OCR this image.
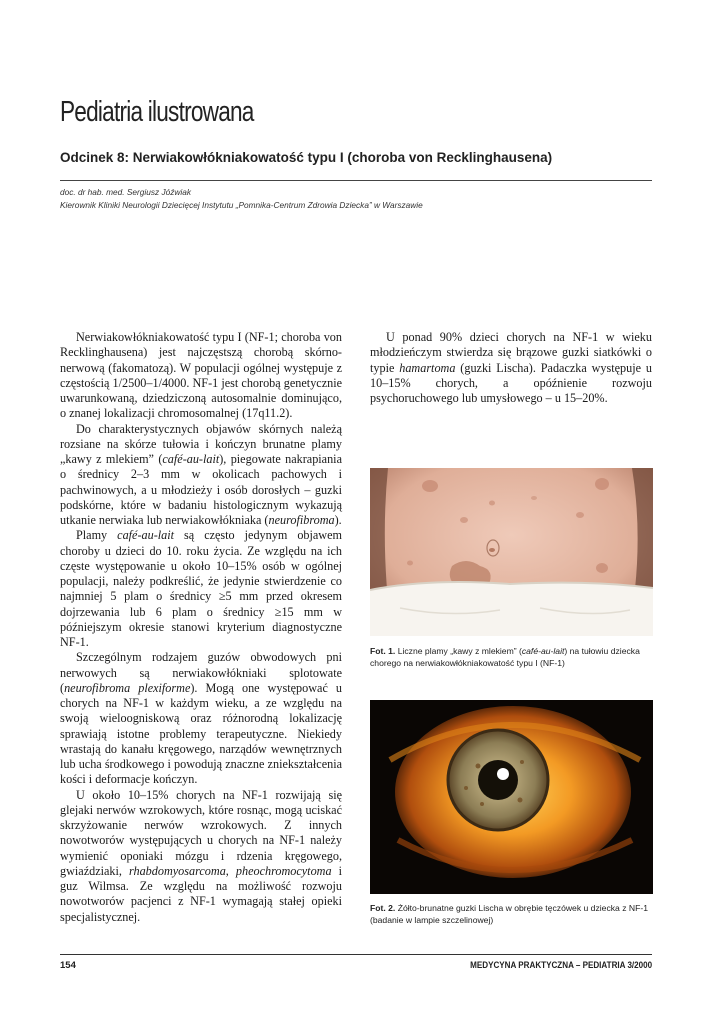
Pediatria ilustrowana
Odcinek 8: Nerwiakowłókniakowatość typu I (choroba von Recklinghausena)
doc. dr hab. med. Sergiusz Jóźwiak
Kierownik Kliniki Neurologii Dziecięcej Instytutu „Pomnika-Centrum Zdrowia Dziecka” w Warszawie

Nerwiakowłókniakowatość typu I (NF-1; choroba von Recklinghausena) jest najczęstszą chorobą skórno-nerwową (fakomatozą). W populacji ogólnej występuje z częstością 1/2500–1/4000. NF-1 jest chorobą genetycznie uwarunkowaną, dziedziczoną autosomalnie dominująco, o znanej lokalizacji chromosomalnej (17q11.2).

Do charakterystycznych objawów skórnych należą rozsiane na skórze tułowia i kończyn brunatne plamy „kawy z mlekiem” (café-au-lait), piegowate nakrapiania o średnicy 2–3 mm w okolicach pachowych i pachwinowych, a u młodzieży i osób dorosłych – guzki podskórne, które w badaniu histologicznym wykazują utkanie nerwiaka lub nerwiakowłókniaka (neurofibroma).

Plamy café-au-lait są często jedynym objawem choroby u dzieci do 10. roku życia. Ze względu na ich częste występowanie u około 10–15% osób w ogólnej populacji, należy podkreślić, że jedynie stwierdzenie co najmniej 5 plam o średnicy ≥5 mm przed okresem dojrzewania lub 6 plam o średnicy ≥15 mm w późniejszym okresie stanowi kryterium diagnostyczne NF-1.

Szczególnym rodzajem guzów obwodowych pni nerwowych są nerwiakowłókniaki splotowate (neurofibroma plexiforme). Mogą one występować u chorych na NF-1 w każdym wieku, a ze względu na swoją wieloogniskową oraz różnorodną lokalizację sprawiają istotne problemy terapeutyczne. Niekiedy wrastają do kanału kręgowego, narządów wewnętrznych lub ucha środkowego i powodują znaczne zniekształcenia kości i deformacje kończyn.

U około 10–15% chorych na NF-1 rozwijają się glejaki nerwów wzrokowych, które rosnąc, mogą uciskać skrzyżowanie nerwów wzrokowych. Z innych nowotworów występujących u chorych na NF-1 należy wymienić oponiaki mózgu i rdzenia kręgowego, gwiaździaki, rhabdomyosarcoma, pheochromocytoma i guz Wilmsa. Ze względu na możliwość rozwoju nowotworów pacjenci z NF-1 wymagają stałej opieki specjalistycznej.

U ponad 90% dzieci chorych na NF-1 w wieku młodzieńczym stwierdza się brązowe guzki siatkówki o typie hamartoma (guzki Lischa). Padaczka występuje u 10–15% chorych, a opóźnienie rozwoju psychoruchowego lub umysłowego – u 15–20%.

Fot. 1. Liczne plamy „kawy z mlekiem” (café-au-lait) na tułowiu dziecka chorego na nerwiakowłókniakowatość typu I (NF-1)
Fot. 2. Żółto-brunatne guzki Lischa w obrębie tęczówek u dziecka z NF-1 (badanie w lampie szczelinowej)
154	MEDYCYNA PRAKTYCZNA – PEDIATRIA 3/2000
